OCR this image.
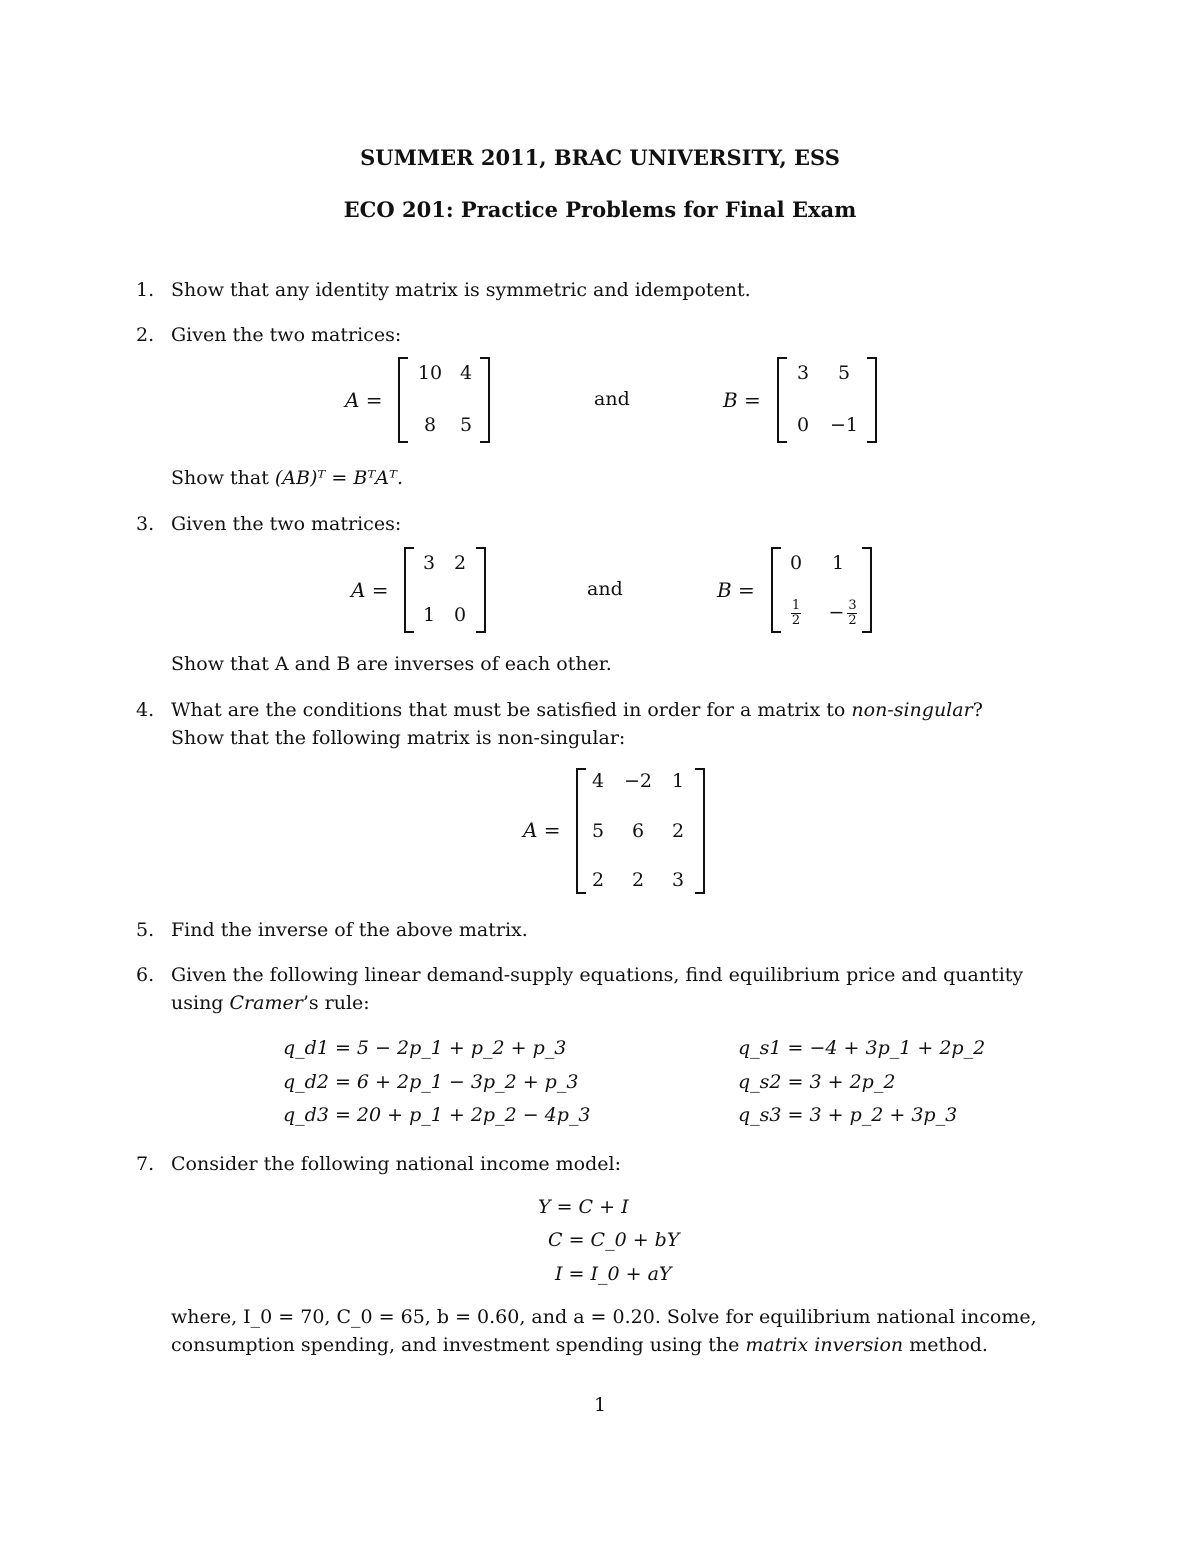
SUMMER 2011, BRAC UNIVERSITY, ESS
ECO 201: Practice Problems for Final Exam
1. Show that any identity matrix is symmetric and idempotent.
2. Given the two matrices:
A =
10 4
8	5
and	B =
3	5
0	−1
Show that (AB)ᵀ = BᵀAᵀ.
3. Given the two matrices:
A =
3 2
1 0
and	B =
0	1
$\frac{1}{2}$	− $\frac{3}{2}$
Show that A and B are inverses of each other.
4. What are the conditions that must be satisfied in order for a matrix to non-singular?
Show that the following matrix is non-singular:
A =
4	−2	1
5	6	2
2	2	3
5. Find the inverse of the above matrix.
6. Given the following linear demand-supply equations, find equilibrium price and quantity
using Cramer’s rule:
q_d1 = 5 − 2p_1 + p_2 + p_3
q_d2 = 6 + 2p_1 − 3p_2 + p_3
q_d3 = 20 + p_1 + 2p_2 − 4p_3
q_s1 = −4 + 3p_1 + 2p_2
q_s2 = 3 + 2p_2
q_s3 = 3 + p_2 + 3p_3
7. Consider the following national income model:
Y = C + I
C = C_0 + bY
I = I_0 + aY
where, I_0 = 70, C_0 = 65, b = 0.60, and a = 0.20. Solve for equilibrium national income,
consumption spending, and investment spending using the matrix inversion method.
1
